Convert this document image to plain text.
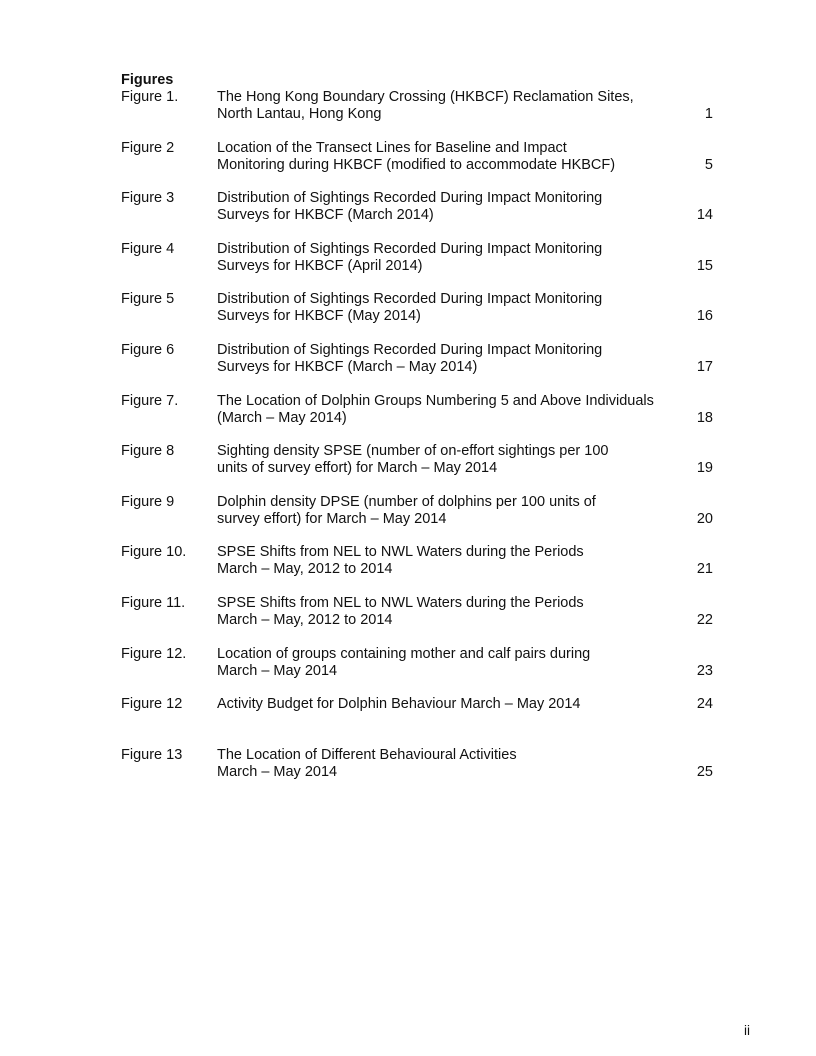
Figures
Figure 1.	The Hong Kong Boundary Crossing (HKBCF) Reclamation Sites,
North Lantau, Hong Kong	1
Figure 2	Location of the Transect Lines for Baseline and Impact
Monitoring during HKBCF (modified to accommodate HKBCF)	5
Figure 3	Distribution of Sightings Recorded During Impact Monitoring
Surveys for HKBCF (March 2014)	14
Figure 4	Distribution of Sightings Recorded During Impact Monitoring
Surveys for HKBCF (April 2014)	15
Figure 5	Distribution of Sightings Recorded During Impact Monitoring
Surveys for HKBCF (May 2014)	16
Figure 6	Distribution of Sightings Recorded During Impact Monitoring
Surveys for HKBCF (March – May 2014)	17
Figure 7.	The Location of Dolphin Groups Numbering 5 and Above Individuals
(March – May 2014)	18
Figure 8	Sighting density SPSE (number of on-effort sightings per 100
units of survey effort) for March – May 2014	19
Figure 9	Dolphin density DPSE (number of dolphins per 100 units of
survey effort) for March – May 2014	20
Figure 10. SPSE Shifts from NEL to NWL Waters during the Periods
March – May, 2012 to 2014	21
Figure 11. SPSE Shifts from NEL to NWL Waters during the Periods
March – May, 2012 to 2014	22
Figure 12. Location of groups containing mother and calf pairs during
March – May 2014	23
Figure 12 Activity Budget for Dolphin Behaviour March – May 2014	24
Figure 13 The Location of Different Behavioural Activities
March – May 2014	25
ii
